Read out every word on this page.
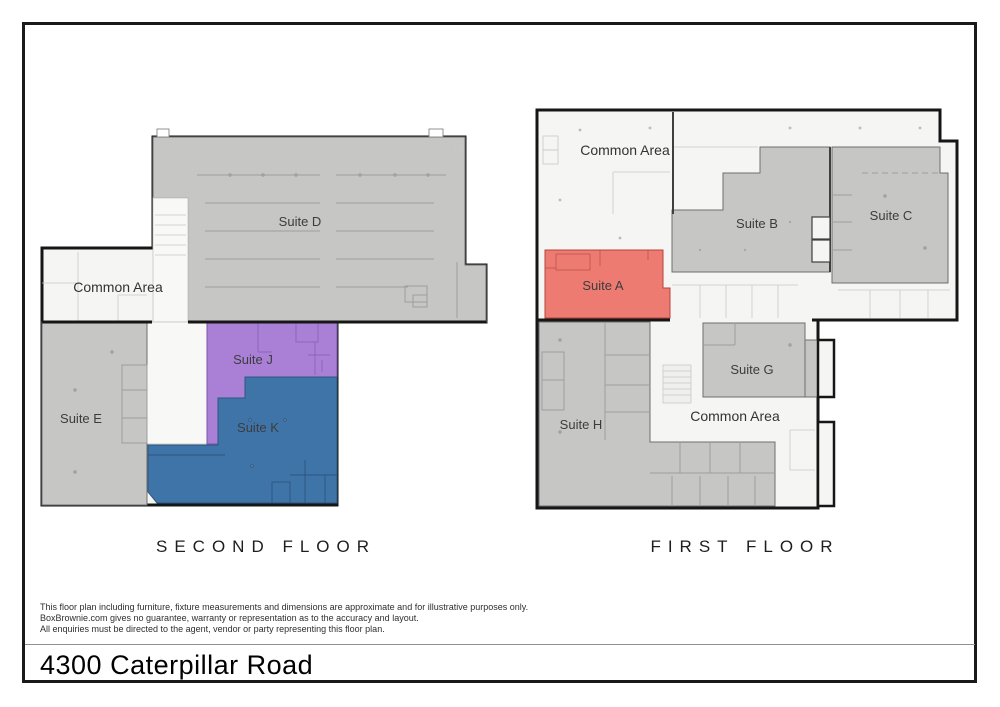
Suite D
Common Area
Suite E
Suite J
Suite K
Common Area
Suite B
Suite C
Suite A
Suite G
Suite H
Common Area
SECOND FLOOR	FIRST FLOOR
This floor plan including furniture, fixture measurements and dimensions are approximate and for illustrative purposes only.
BoxBrownie.com gives no guarantee, warranty or representation as to the accuracy and layout.
All enquiries must be directed to the agent, vendor or party representing this floor plan.
4300 Caterpillar Road
